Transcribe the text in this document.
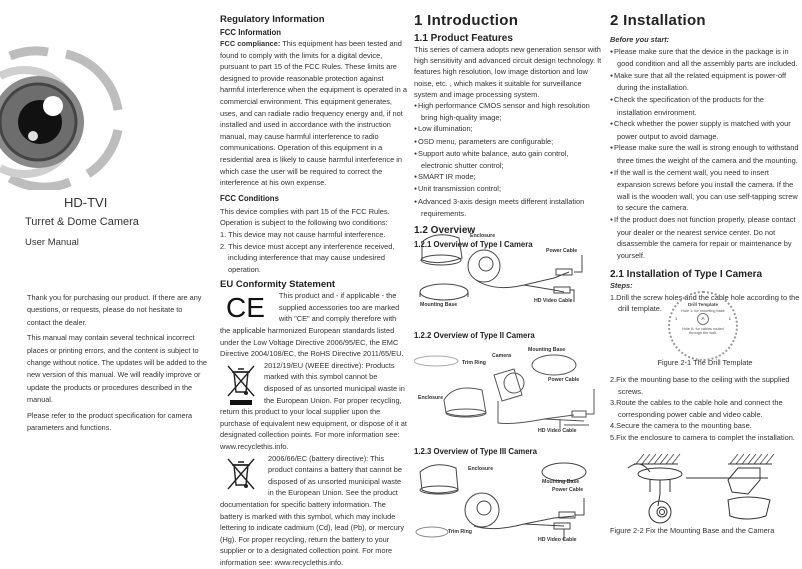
HD-TVI
Turret & Dome Camera
User Manual

Thank you for purchasing our product. If there are any questions, or requests, please do not hesitate to contact the dealer.

This manual may contain several technical incorrect places or printing errors, and the content is subject to change without notice. The updates will be added to the new version of this manual. We will readily improve or update the products or procedures described in the manual.

Please refer to the product specification for camera parameters and functions.

Regulatory Information
FCC Information

FCC compliance: This equipment has been tested and found to comply with the limits for a digital device, pursuant to part 15 of the FCC Rules. These limits are designed to provide reasonable protection against harmful interference when the equipment is operated in a commercial environment. This equipment generates, uses, and can radiate radio frequency energy and, if not installed and used in accordance with the instruction manual, may cause harmful interference to radio communications. Operation of this equipment in a residential area is likely to cause harmful interference in which case the user will be required to correct the interference at his own expense.

FCC Conditions

This device complies with part 15 of the FCC Rules. Operation is subject to the following two conditions:

1. This device may not cause harmful interference.

2. This device must accept any interference received, including interference that may cause undesired operation.

EU Conformity Statement
CE This product and - if applicable - the supplied accessories too are marked with "CE" and comply therefore with the applicable harmonized European standards listed under the Low Voltage Directive 2006/95/EC, the EMC Directive 2004/108/EC, the RoHS Directive 2011/65/EU.
2012/19/EU (WEEE directive): Products marked with this symbol cannot be disposed of as unsorted municipal waste in the European Union. For proper recycling, return this product to your local supplier upon the purchase of equivalent new equipment, or dispose of it at designated collection points. For more information see: www.recyclethis.info.
2006/66/EC (battery directive): This product contains a battery that cannot be disposed of as unsorted municipal waste in the European Union. See the product documentation for specific battery information. The battery is marked with this symbol, which may include lettering to indicate cadmium (Cd), lead (Pb), or mercury (Hg). For proper recycling, return the battery to your supplier or to a designated collection point. For more information see: www.recyclethis.info.
1 Introduction
1.1 Product Features

This series of camera adopts new generation sensor with high sensitivity and advanced circuit design technology. It features high resolution, low image distortion and low noise, etc. , which makes it suitable for surveillance system and image processing system.

● High performance CMOS sensor and high resolution bring high-quality image;

● Low illumination;

● OSD menu, parameters are configurable;

● Support auto white balance, auto gain control, electronic shutter control;

● SMART IR mode;

● Unit transmission control;

● Advanced 3-axis design meets different installation requirements.

1.2 Overview
1.2.1 Overview of Type I Camera
Enclosure
Power Cable
Mounting Base
HD Video Cable
1.2.2 Overview of Type II Camera
Trim Ring
Camera
Mounting Base
Power Cable
Enclosure
HD Video Cable
1.2.3 Overview of Type III Camera
Enclosure
Mounting Base
Power Cable
Trim Ring
HD Video Cable
2 Installation
Before you start:

● Please make sure that the device in the package is in good condition and all the assembly parts are included.

● Make sure that all the related equipment is power-off during the installation.

● Check the specification of the products for the installation environment.

● Check whether the power supply is matched with your power output to avoid damage.

● Please make sure the wall is strong enough to withstand three times the weight of the camera and the mounting.

● If the wall is the cement wall, you need to insert expansion screws before you install the camera. If the wall is the wooden wall, you can use self-tapping screw to secure the camera.

● If the product does not function properly, please contact your dealer or the nearest service center. Do not disassemble the camera for repair or maintenance by yourself.

2.1 Installation of Type I Camera
Steps:

1.Drill the screw holes and the cable hole according to the drill template.	Drill Template
Hole 1: for mounting base
1	A	1
Hole A: for cables routed through the wall.
Figure 2-1 The Drill Template

2.Fix the mounting base to the ceiling with the supplied screws.

3.Route the cables to the cable hole and connect the corresponding power cable and video cable.

4.Secure the camera to the mounting base.

5.Fix the enclosure to camera to complet the installation.

Figure 2-2 Fix the Mounting Base and the Camera
